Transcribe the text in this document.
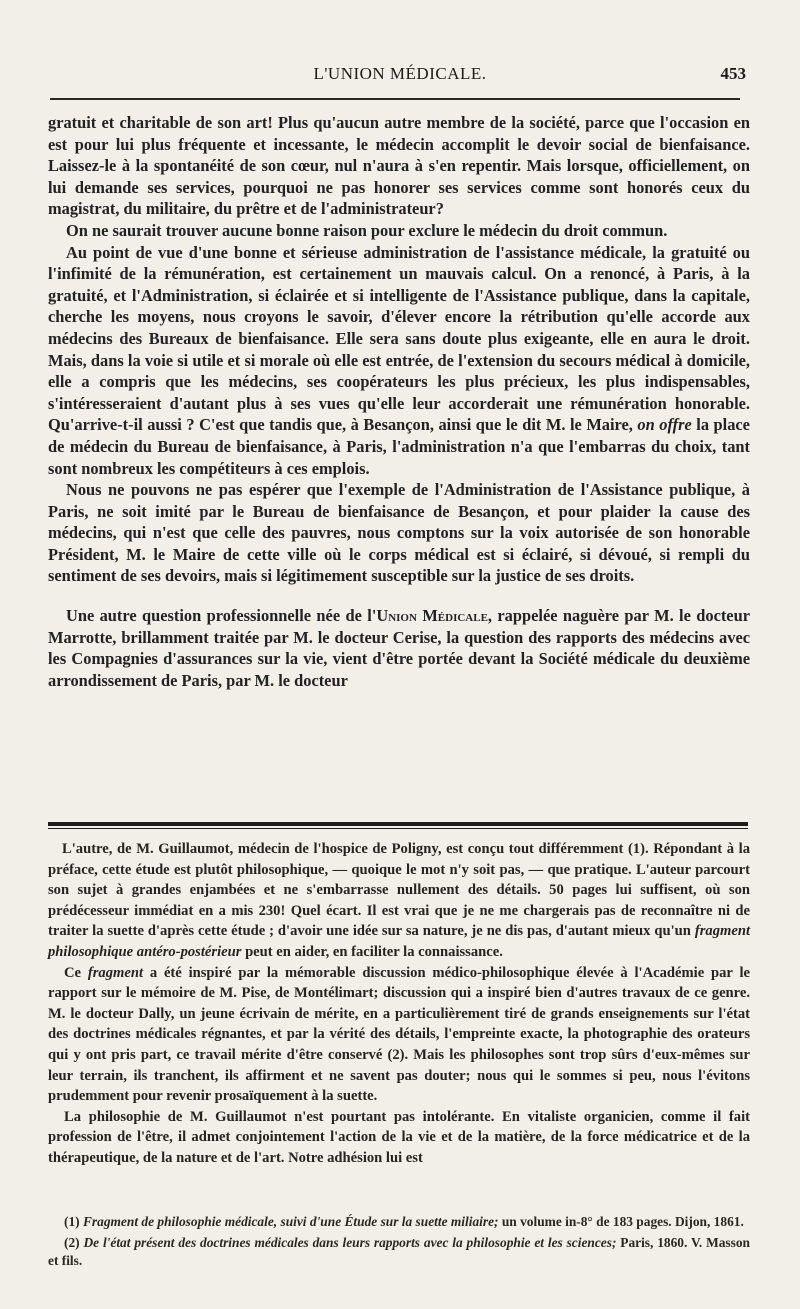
L'UNION MÉDICALE.	453

gratuit et charitable de son art! Plus qu'aucun autre membre de la société, parce que l'occasion en est pour lui plus fréquente et incessante, le médecin accomplit le devoir social de bienfaisance. Laissez-le à la spontanéité de son cœur, nul n'aura à s'en repentir. Mais lorsque, officiellement, on lui demande ses services, pourquoi ne pas honorer ses services comme sont honorés ceux du magistrat, du militaire, du prêtre et de l'administrateur?

On ne saurait trouver aucune bonne raison pour exclure le médecin du droit commun.

Au point de vue d'une bonne et sérieuse administration de l'assistance médicale, la gratuité ou l'infimité de la rémunération, est certainement un mauvais calcul. On a renoncé, à Paris, à la gratuité, et l'Administration, si éclairée et si intelligente de l'Assistance publique, dans la capitale, cherche les moyens, nous croyons le savoir, d'élever encore la rétribution qu'elle accorde aux médecins des Bureaux de bienfaisance. Elle sera sans doute plus exigeante, elle en aura le droit. Mais, dans la voie si utile et si morale où elle est entrée, de l'extension du secours médical à domicile, elle a compris que les médecins, ses coopérateurs les plus précieux, les plus indispensables, s'intéresseraient d'autant plus à ses vues qu'elle leur accorderait une rémunération honorable. Qu'arrive-t-il aussi ? C'est que tandis que, à Besançon, ainsi que le dit M. le Maire, on offre la place de médecin du Bureau de bienfaisance, à Paris, l'administration n'a que l'embarras du choix, tant sont nombreux les compétiteurs à ces emplois.

Nous ne pouvons ne pas espérer que l'exemple de l'Administration de l'Assistance publique, à Paris, ne soit imité par le Bureau de bienfaisance de Besançon, et pour plaider la cause des médecins, qui n'est que celle des pauvres, nous comptons sur la voix autorisée de son honorable Président, M. le Maire de cette ville où le corps médical est si éclairé, si dévoué, si rempli du sentiment de ses devoirs, mais si légitimement susceptible sur la justice de ses droits.

Une autre question professionnelle née de l'Union Médicale, rappelée naguère par M. le docteur Marrotte, brillamment traitée par M. le docteur Cerise, la question des rapports des médecins avec les Compagnies d'assurances sur la vie, vient d'être portée devant la Société médicale du deuxième arrondissement de Paris, par M. le docteur

L'autre, de M. Guillaumot, médecin de l'hospice de Poligny, est conçu tout différemment (1). Répondant à la préface, cette étude est plutôt philosophique, — quoique le mot n'y soit pas, — que pratique. L'auteur parcourt son sujet à grandes enjambées et ne s'embarrasse nullement des détails. 50 pages lui suffisent, où son prédécesseur immédiat en a mis 230! Quel écart. Il est vrai que je ne me chargerais pas de reconnaître ni de traiter la suette d'après cette étude ; d'avoir une idée sur sa nature, je ne dis pas, d'autant mieux qu'un fragment philosophique antéro-postérieur peut en aider, en faciliter la connaissance.

Ce fragment a été inspiré par la mémorable discussion médico-philosophique élevée à l'Académie par le rapport sur le mémoire de M. Pise, de Montélimart; discussion qui a inspiré bien d'autres travaux de ce genre. M. le docteur Dally, un jeune écrivain de mérite, en a particulièrement tiré de grands enseignements sur l'état des doctrines médicales régnantes, et par la vérité des détails, l'empreinte exacte, la photographie des orateurs qui y ont pris part, ce travail mérite d'être conservé (2). Mais les philosophes sont trop sûrs d'eux-mêmes sur leur terrain, ils tranchent, ils affirment et ne savent pas douter; nous qui le sommes si peu, nous l'évitons prudemment pour revenir prosaïquement à la suette.

La philosophie de M. Guillaumot n'est pourtant pas intolérante. En vitaliste organicien, comme il fait profession de l'être, il admet conjointement l'action de la vie et de la matière, de la force médicatrice et de la thérapeutique, de la nature et de l'art. Notre adhésion lui est

(1) Fragment de philosophie médicale, suivi d'une Étude sur la suette miliaire; un volume in-8° de 183 pages. Dijon, 1861.

(2) De l'état présent des doctrines médicales dans leurs rapports avec la philosophie et les sciences; Paris, 1860. V. Masson et fils.
